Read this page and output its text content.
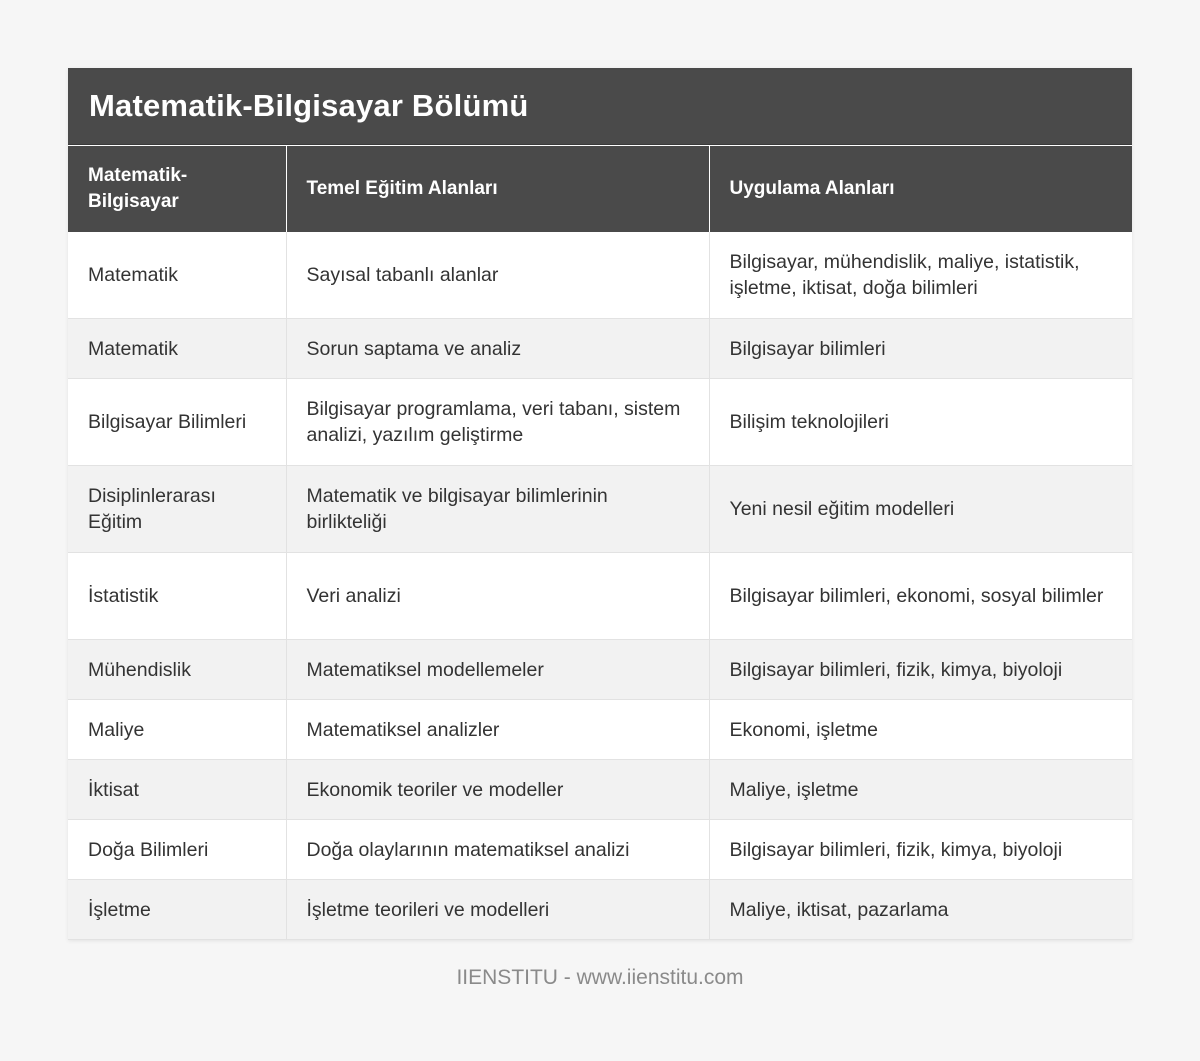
Matematik-Bilgisayar Bölümü
Matematik-Bilgisayar	Temel Eğitim Alanları	Uygulama Alanları
Matematik	Sayısal tabanlı alanlar	Bilgisayar, mühendislik, maliye, istatistik, işletme, iktisat, doğa bilimleri
Matematik	Sorun saptama ve analiz	Bilgisayar bilimleri
Bilgisayar Bilimleri	Bilgisayar programlama, veri tabanı, sistem analizi, yazılım geliştirme	Bilişim teknolojileri
Disiplinlerarası Eğitim	Matematik ve bilgisayar bilimlerinin birlikteliği	Yeni nesil eğitim modelleri
İstatistik	Veri analizi	Bilgisayar bilimleri, ekonomi, sosyal bilimler
Mühendislik	Matematiksel modellemeler	Bilgisayar bilimleri, fizik, kimya, biyoloji
Maliye	Matematiksel analizler	Ekonomi, işletme
İktisat	Ekonomik teoriler ve modeller	Maliye, işletme
Doğa Bilimleri	Doğa olaylarının matematiksel analizi	Bilgisayar bilimleri, fizik, kimya, biyoloji
İşletme	İşletme teorileri ve modelleri	Maliye, iktisat, pazarlama
IIENSTITU - www.iienstitu.com
